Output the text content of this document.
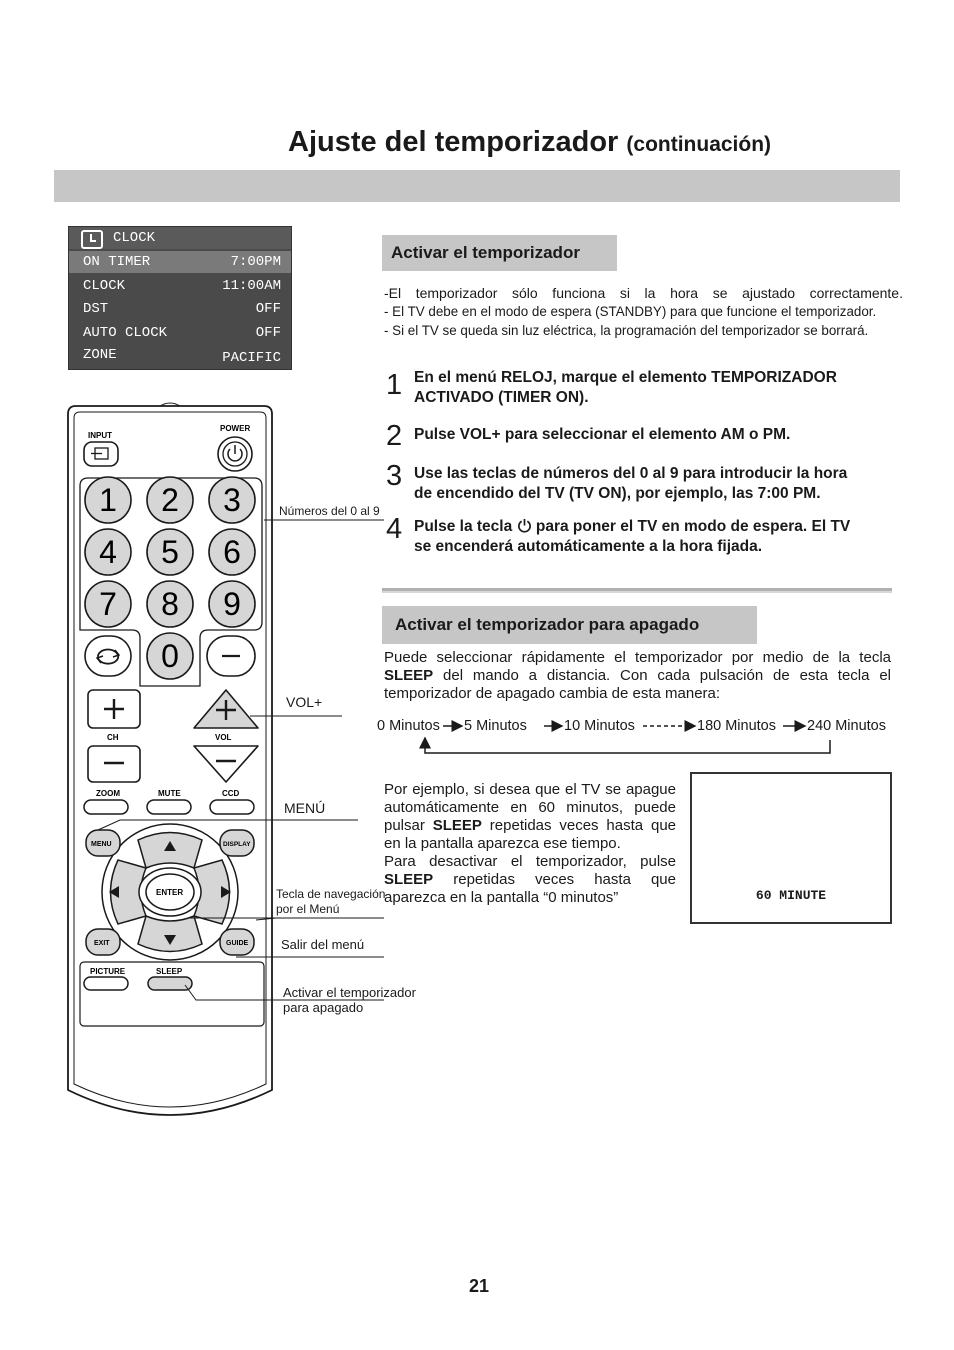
Ajuste del temporizador (continuación)
CLOCK
ON TIMER	7:00PM
CLOCK	11:00AM
DST	OFF
AUTO CLOCK	OFF
ZONE	PACIFIC
Activar el temporizador
-El temporizador sólo funciona si la hora se ajustado correctamente.
- El TV debe en el modo de espera (STANDBY) para que funcione el temporizador.
- Si el TV se queda sin luz eléctrica, la programación del temporizador se borrará.
1 En el menú RELOJ, marque el elemento TEMPORIZADOR
ACTIVADO (TIMER ON).
2 Pulse VOL+ para seleccionar el elemento AM o PM.
3 Use las teclas de números del 0 al 9 para introducir la hora
de encendido del TV (TV ON), por ejemplo, las 7:00 PM.
4 Pulse la tecla para poner el TV en modo de espera. El TV
se encenderá automáticamente a la hora fijada.
Activar el temporizador para apagado
Puede seleccionar rápidamente el temporizador por medio de la tecla SLEEP del mando a distancia. Con cada pulsación de esta tecla el temporizador de apagado cambia de esta manera:
0 Minutos 5 Minutos	10 Minutos	180 Minutos 240 Minutos
Por ejemplo, si desea que el TV se apague automáticamente en 60 minutos, puede pulsar SLEEP repetidas veces hasta que en la pantalla aparezca ese tiempo.
Para desactivar el temporizador, pulse SLEEP repetidas veces hasta que aparezca en la pantalla “0 minutos”	60 MINUTE
INPUT
POWER
1 2 3
4 5 6
7 8 9
0
CH	VOL
ZOOM	MUTE	CCD
ENTER
MENU	DISPLAY
EXIT	GUIDE
PICTURE	SLEEP
Números del 0 al 9
VOL+
MENÚ
Tecla de navegación
por el Menú
Salir del menú
Activar el temporizador
para apagado
21
